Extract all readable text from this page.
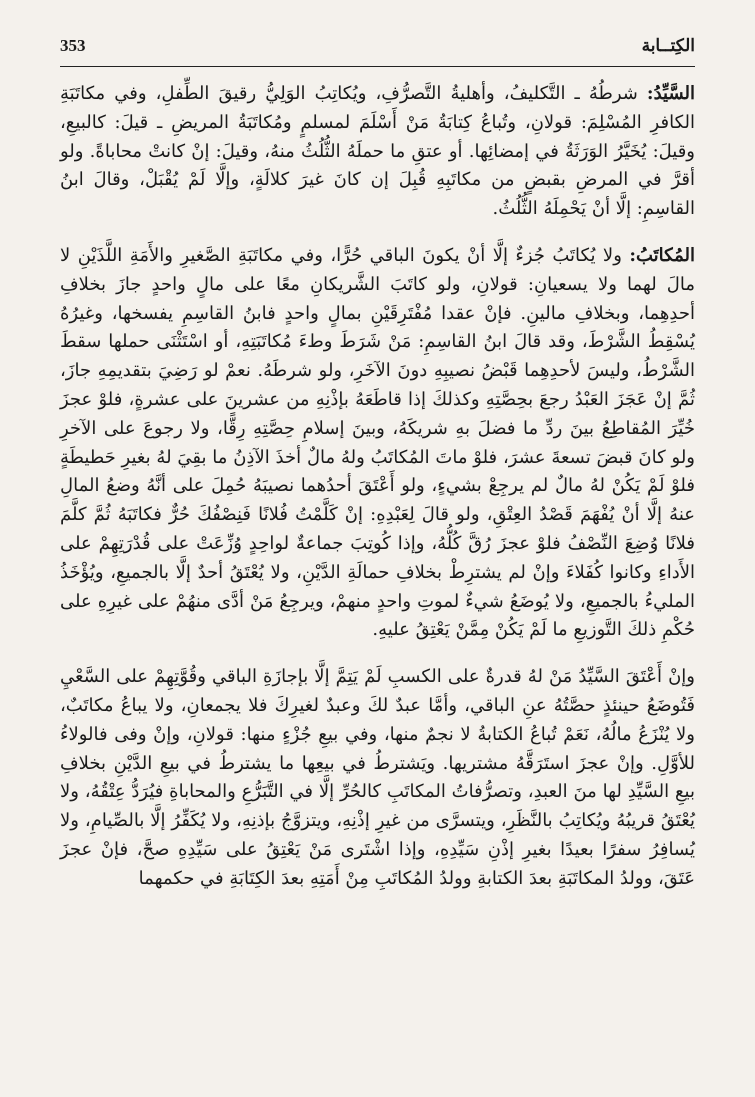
353	الكِتــابة

السَّيِّدُ: شرطُهُ ـ التَّكليفُ، وأهليةُ التَّصرُّفِ، ويُكاتِبُ الوَلِيُّ رقيقَ الطِّفلِ، وفي مكاتَبَةِ الكافرِ المُسْلِمَ: قولانِ، وتُباعُ كِتابَةُ مَنْ أَسْلَمَ لمسلمٍ ومُكاتَبَةُ المريضِ ـ قيلَ: كالبيعِ، وقيلَ: يُخَيَّرُ الوَرَثَةُ في إمضائِها. أو عتقِ ما حملَهُ الثُّلُثُ منهُ، وقيلَ: إنْ كانتْ محاباةً. ولو أقرَّ في المرضِ بقبضٍ من مكاتَبِهِ قُبِلَ إن كانَ غيرَ كلالَةٍ، وإلَّا لَمْ يُقْبَلْ، وقالَ ابنُ القاسِمِ: إلَّا أنْ يَحْمِلَهُ الثُّلُثُ.

المُكاتَبُ: ولا يُكاتَبُ جُزءٌ إلَّا أنْ يكونَ الباقي حُرًّا، وفي مكاتَبَةِ الصَّغيرِ والأَمَةِ اللَّذَيْنِ لا مالَ لهما ولا يسعيانِ: قولانِ، ولو كاتَبَ الشَّريكانِ معًا على مالٍ واحدٍ جازَ بخلافِ أحدِهِما، وبخلافِ مالينِ. فإنْ عقدا مُفْتَرِقَيْنِ بمالٍ واحدٍ فابنُ القاسِمِ يفسخها، وغيرُهُ يُسْقِطُ الشَّرْطَ، وقد قالَ ابنُ القاسِمِ: مَنْ شَرَطَ وطءَ مُكاتَبَتِهِ، أو اسْتَثْنَى حملها سقطَ الشَّرْطُ، وليسَ لأحدِهِما قَبْضُ نصيبِهِ دونَ الآخَرِ، ولو شرطَهُ. نعمْ لو رَضِيَ بتقديمِهِ جازَ، ثُمَّ إنْ عَجَزَ العَبْدُ رجعَ بحِصَّتِهِ وكذلكَ إذا قاطَعَهُ بإذْنِهِ من عشرينَ على عشرةٍ، فلوْ عجزَ خُيِّرَ المُقاطِعُ بينَ ردِّ ما فضلَ بهِ شريكَهُ، وبينَ إسلامِ حِصَّتِهِ رِقًّا، ولا رجوعَ على الآخرِ ولو كانَ قبضَ تسعةَ عشرَ، فلوْ ماتَ المُكاتَبُ ولهُ مالٌ أخذَ الآذِنُ ما بقِيَ لهُ بغيرِ حَطيطَةٍ فلوْ لَمْ يَكُنْ لهُ مالٌ لم يرجِعْ بشيءٍ، ولو أَعْتَقَ أحدُهما نصيبَهُ حُمِلَ على أنَّهُ وضعُ المالِ عنهُ إلَّا أنْ يُفْهَمَ قَصْدُ العِتْقِ، ولو قالَ لِعَبْدِهِ: إنْ كَلَّمْتُ فُلانًا فَنِصْفُكَ حُرٌّ فكاتَبَهُ ثُمَّ كلَّمَ فلانًا وُضِعَ النِّصْفُ فلوْ عجزَ رُقَّ كُلُّهُ، وإذا كُوتِبَ جماعةٌ لواحِدٍ وُزِّعَتْ على قُدْرَتِهِمْ على الأَداءِ وكانوا كُفَلاءَ وإنْ لم يشترِطْ بخلافِ حمالَةِ الدَّيْنِ، ولا يُعْتَقُ أحدٌ إلَّا بالجميعِ، ويُؤْخَذُ المليءُ بالجميعِ، ولا يُوضَعُ شيءٌ لموتِ واحدٍ منهمْ، ويرجِعُ مَنْ أدَّى منهُمْ على غيرِهِ على حُكْمِ ذلكَ التَّوزيعِ ما لَمْ يَكُنْ مِمَّنْ يَعْتِقُ عليهِ.

وإنْ أَعْتَقَ السَّيِّدُ مَنْ لهُ قدرةٌ على الكسبِ لَمْ يَتِمَّ إلَّا بإجازَةِ الباقي وقُوَّتِهِمْ على السَّعْيِ فَتُوضَعُ حينئذٍ حصَّتُهُ عنِ الباقي، وأمَّا عبدٌ لكَ وعبدٌ لغيرِكَ فلا يجمعانِ، ولا يباعُ مكاتَبٌ، ولا يُنْزَعُ مالُهُ، نَعَمْ تُباعُ الكتابةُ لا نجمٌ منها، وفي بيعِ جُزْءٍ منها: قولانِ، وإنْ وفى فالولاءُ للأوَّلِ. وإنْ عجزَ استَرَقَّهُ مشتريها. ويَشترطُ في بيعِها ما يشترطُ في بيعِ الدَّيْنِ بخلافِ بيعِ السَّيِّدِ لها منَ العبدِ، وتصرُّفاتُ المكاتَبِ كالحُرِّ إلَّا في التَّبَرُّعِ والمحاباةِ فيُرَدُّ عِتْقُهُ، ولا يُعْتَقُ قريبُهُ ويُكاتِبُ بالنَّظَرِ، ويتسرَّى من غيرِ إذْنِهِ، ويتزوَّجُ بإذنِهِ، ولا يُكَفِّرُ إلَّا بالصِّيامِ، ولا يُسافِرُ سفرًا بعيدًا بغيرِ إذْنِ سَيِّدِهِ، وإذا اشْتَرى مَنْ يَعْتِقُ على سَيِّدِهِ صحَّ، فإنْ عجزَ عَتَقَ، وولدُ المكاتَبَةِ بعدَ الكتابةِ وولدُ المُكاتَبِ مِنْ أَمَتِهِ بعدَ الكِتَابَةِ في حكمهما
